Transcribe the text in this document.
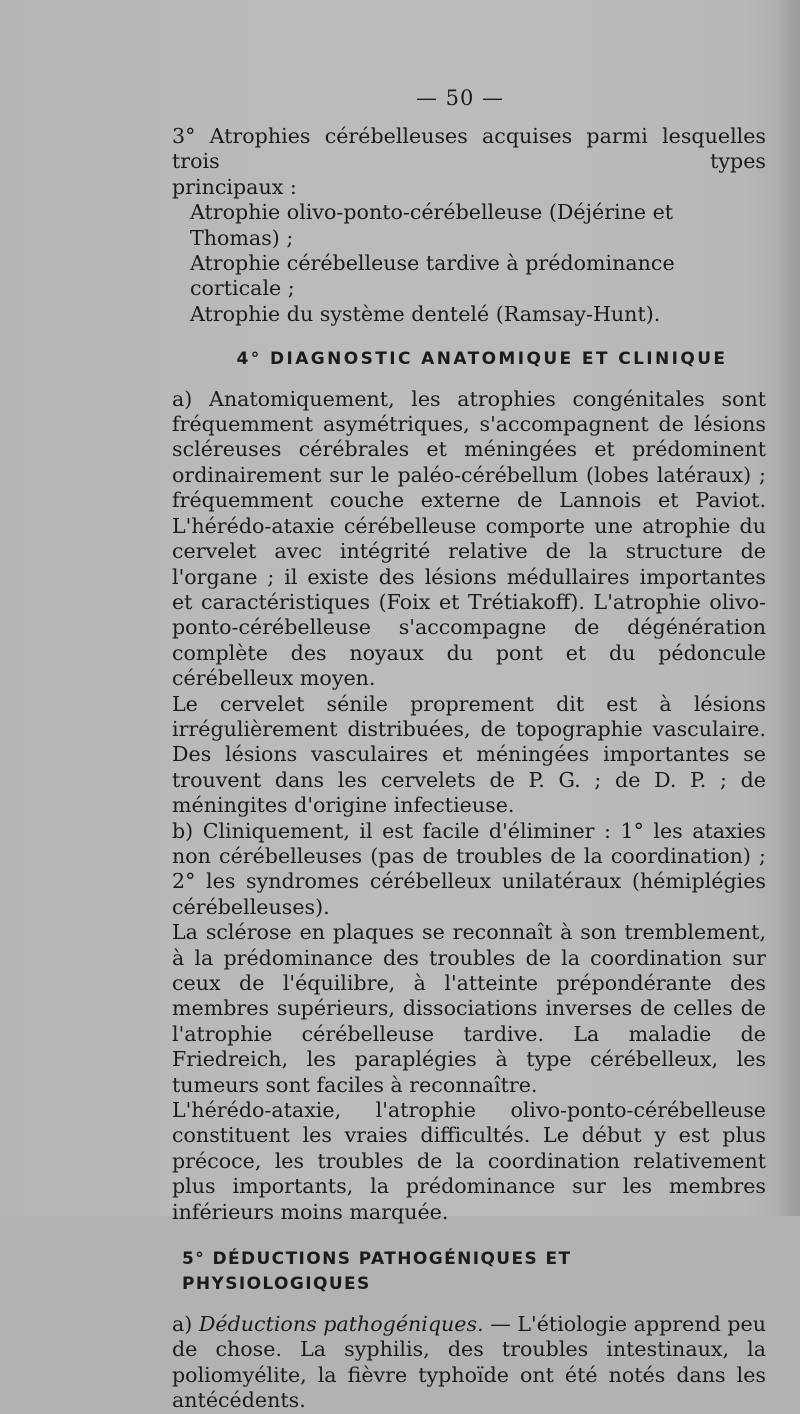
— 50 —

3° Atrophies cérébelleuses acquises parmi lesquelles trois types

principaux :

Atrophie olivo-ponto-cérébelleuse (Déjérine et Thomas) ;

Atrophie cérébelleuse tardive à prédominance corticale ;

Atrophie du système dentelé (Ramsay-Hunt).

4° DIAGNOSTIC ANATOMIQUE ET CLINIQUE

a) Anatomiquement, les atrophies congénitales sont fréquemment asymétriques, s'accompagnent de lésions scléreuses cérébrales et méningées et prédominent ordinairement sur le paléo-cérébellum (lobes latéraux) ; fréquemment couche externe de Lannois et Paviot. L'hérédo-ataxie cérébelleuse comporte une atrophie du cervelet avec intégrité relative de la structure de l'organe ; il existe des lésions médullaires importantes et caractéristiques (Foix et Trétiakoff). L'atrophie olivo-ponto-cérébelleuse s'accompagne de dégénération complète des noyaux du pont et du pédoncule cérébelleux moyen.

Le cervelet sénile proprement dit est à lésions irrégulièrement distribuées, de topographie vasculaire. Des lésions vasculaires et méningées importantes se trouvent dans les cervelets de P. G. ; de D. P. ; de méningites d'origine infectieuse.

b) Cliniquement, il est facile d'éliminer : 1° les ataxies non cérébelleuses (pas de troubles de la coordination) ; 2° les syndromes cérébelleux unilatéraux (hémiplégies cérébelleuses).

La sclérose en plaques se reconnaît à son tremblement, à la prédominance des troubles de la coordination sur ceux de l'équilibre, à l'atteinte prépondérante des membres supérieurs, dissociations inverses de celles de l'atrophie cérébelleuse tardive. La maladie de Friedreich, les paraplégies à type cérébelleux, les tumeurs sont faciles à reconnaître.

L'hérédo-ataxie, l'atrophie olivo-ponto-cérébelleuse constituent les vraies difficultés. Le début y est plus précoce, les troubles de la coordination relativement plus importants, la prédominance sur les membres inférieurs moins marquée.

5° DÉDUCTIONS PATHOGÉNIQUES ET PHYSIOLOGIQUES

a) Déductions pathogéniques. — L'étiologie apprend peu de chose. La syphilis, des troubles intestinaux, la poliomyélite, la fièvre typhoïde ont été notés dans les antécédents.
